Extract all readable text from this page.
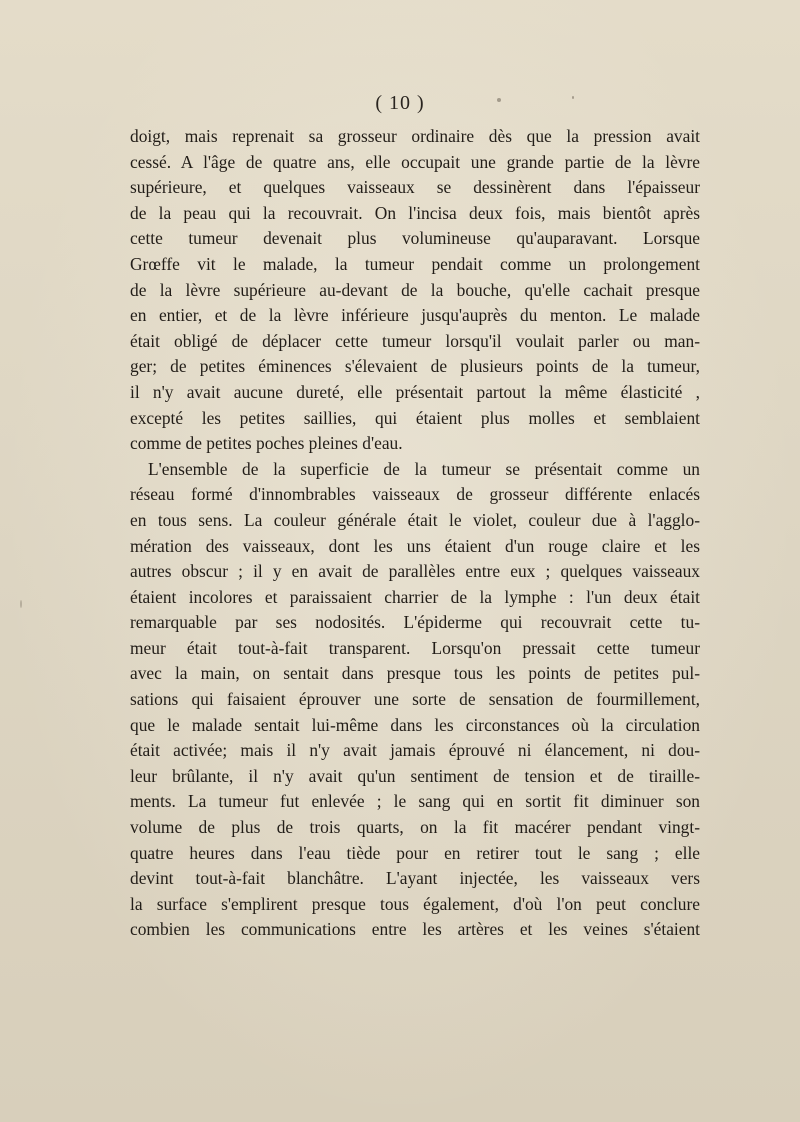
( 10 )
doigt, mais reprenait sa grosseur ordinaire dès que la pression avait
cessé. A l'âge de quatre ans, elle occupait une grande partie de la lèvre
supérieure, et quelques vaisseaux se dessinèrent dans l'épaisseur
de la peau qui la recouvrait. On l'incisa deux fois, mais bientôt après
cette tumeur devenait plus volumineuse qu'auparavant. Lorsque
Grœffe vit le malade, la tumeur pendait comme un prolongement
de la lèvre supérieure au-devant de la bouche, qu'elle cachait presque
en entier, et de la lèvre inférieure jusqu'auprès du menton. Le malade
était obligé de déplacer cette tumeur lorsqu'il voulait parler ou man-
ger; de petites éminences s'élevaient de plusieurs points de la tumeur,
il n'y avait aucune dureté, elle présentait partout la même élasticité ,
excepté les petites saillies, qui étaient plus molles et semblaient
comme de petites poches pleines d'eau.
L'ensemble de la superficie de la tumeur se présentait comme un
réseau formé d'innombrables vaisseaux de grosseur différente enlacés
en tous sens. La couleur générale était le violet, couleur due à l'agglo-
mération des vaisseaux, dont les uns étaient d'un rouge claire et les
autres obscur ; il y en avait de parallèles entre eux ; quelques vaisseaux
étaient incolores et paraissaient charrier de la lymphe : l'un deux était
remarquable par ses nodosités. L'épiderme qui recouvrait cette tu-
meur était tout-à-fait transparent. Lorsqu'on pressait cette tumeur
avec la main, on sentait dans presque tous les points de petites pul-
sations qui faisaient éprouver une sorte de sensation de fourmillement,
que le malade sentait lui-même dans les circonstances où la circulation
était activée; mais il n'y avait jamais éprouvé ni élancement, ni dou-
leur brûlante, il n'y avait qu'un sentiment de tension et de tiraille-
ments. La tumeur fut enlevée ; le sang qui en sortit fit diminuer son
volume de plus de trois quarts, on la fit macérer pendant vingt-
quatre heures dans l'eau tiède pour en retirer tout le sang ; elle
devint tout-à-fait blanchâtre. L'ayant injectée, les vaisseaux vers
la surface s'emplirent presque tous également, d'où l'on peut conclure
combien les communications entre les artères et les veines s'étaient
